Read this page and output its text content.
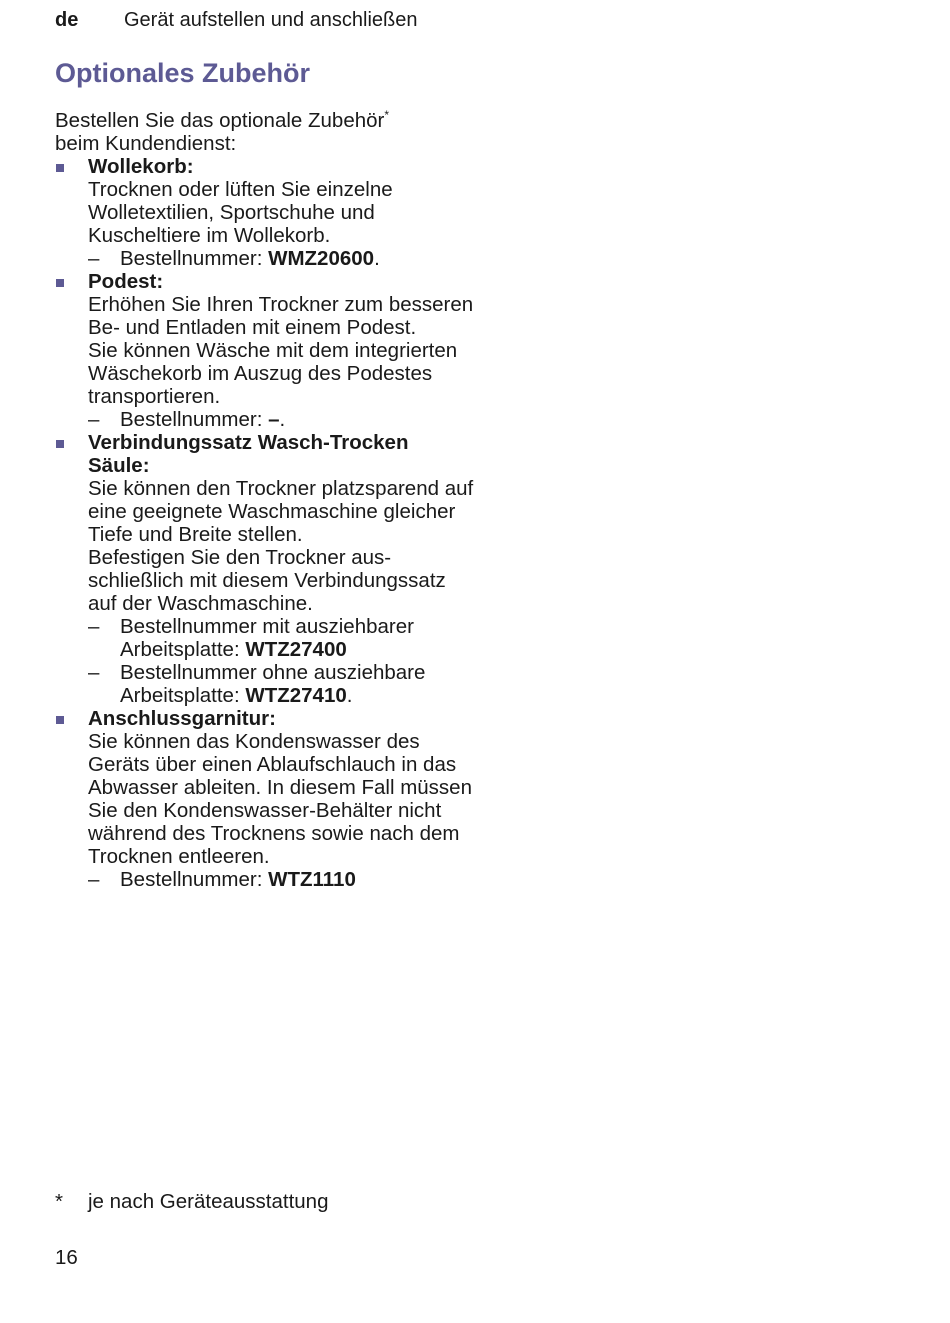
de Gerät aufstellen und anschließen
Optionales Zubehör

Bestellen Sie das optionale Zubehör*
beim Kundendienst:

Wollekorb:
Trocknen oder lüften Sie einzelne Wolletextilien, Sportschuhe und Kuscheltiere im Wollekorb.
– Bestellnummer: WMZ20600.
Podest:
Erhöhen Sie Ihren Trockner zum besseren Be- und Entladen mit einem Podest.
Sie können Wäsche mit dem integrierten Wäschekorb im Auszug des Podestes transportieren.
– Bestellnummer: –.
Verbindungssatz Wasch-Trocken Säule:
Sie können den Trockner platzsparend auf eine geeignete Waschmaschine gleicher Tiefe und Breite stellen.
Befestigen Sie den Trockner ausschließlich mit diesem Verbindungssatz auf der Waschmaschine.
– Bestellnummer mit ausziehbarer Arbeitsplatte: WTZ27400
– Bestellnummer ohne ausziehbare Arbeitsplatte: WTZ27410.
Anschlussgarnitur:
Sie können das Kondenswasser des Geräts über einen Ablaufschlauch in das Abwasser ableiten. In diesem Fall müssen Sie den Kondenswasser-Behälter nicht während des Trocknens sowie nach dem Trocknen entleeren.
– Bestellnummer: WTZ1110
* je nach Geräteausstattung
16
